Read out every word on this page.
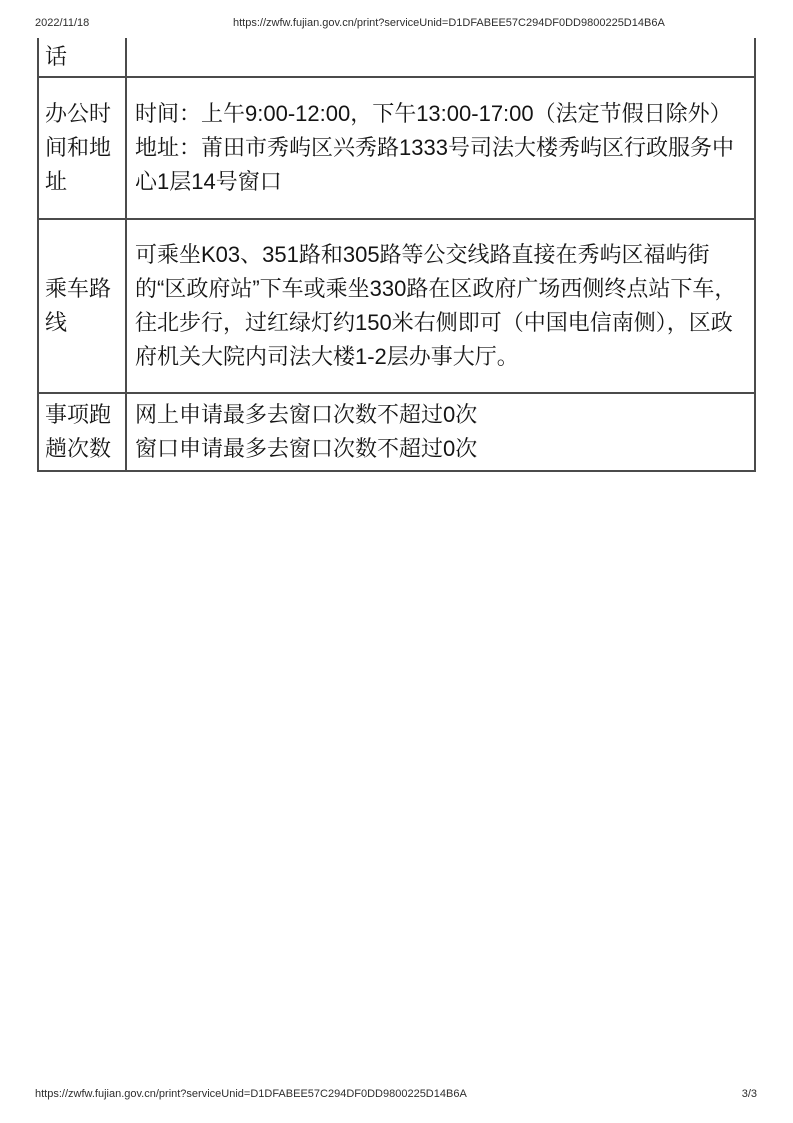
2022/11/18	https://zwfw.fujian.gov.cn/print?serviceUnid=D1DFABEE57C294DF0DD9800225D14B6A
话	

办公时间和地址	时间：上午9:00-12:00，下午13:00-17:00（法定节假日除外）
地址：莆田市秀屿区兴秀路1333号司法大楼秀屿区行政服务中心1层14号窗口

乘车路线	可乘坐K03、351路和305路等公交线路直接在秀屿区福屿街的“区政府站”下车或乘坐330路在区政府广场西侧终点站下车，往北步行，过红绿灯约150米右侧即可（中国电信南侧），区政府机关大院内司法大楼1-2层办事大厅。

事项跑趟次数	网上申请最多去窗口次数不超过0次
窗口申请最多去窗口次数不超过0次
https://zwfw.fujian.gov.cn/print?serviceUnid=D1DFABEE57C294DF0DD9800225D14B6A	3/3
